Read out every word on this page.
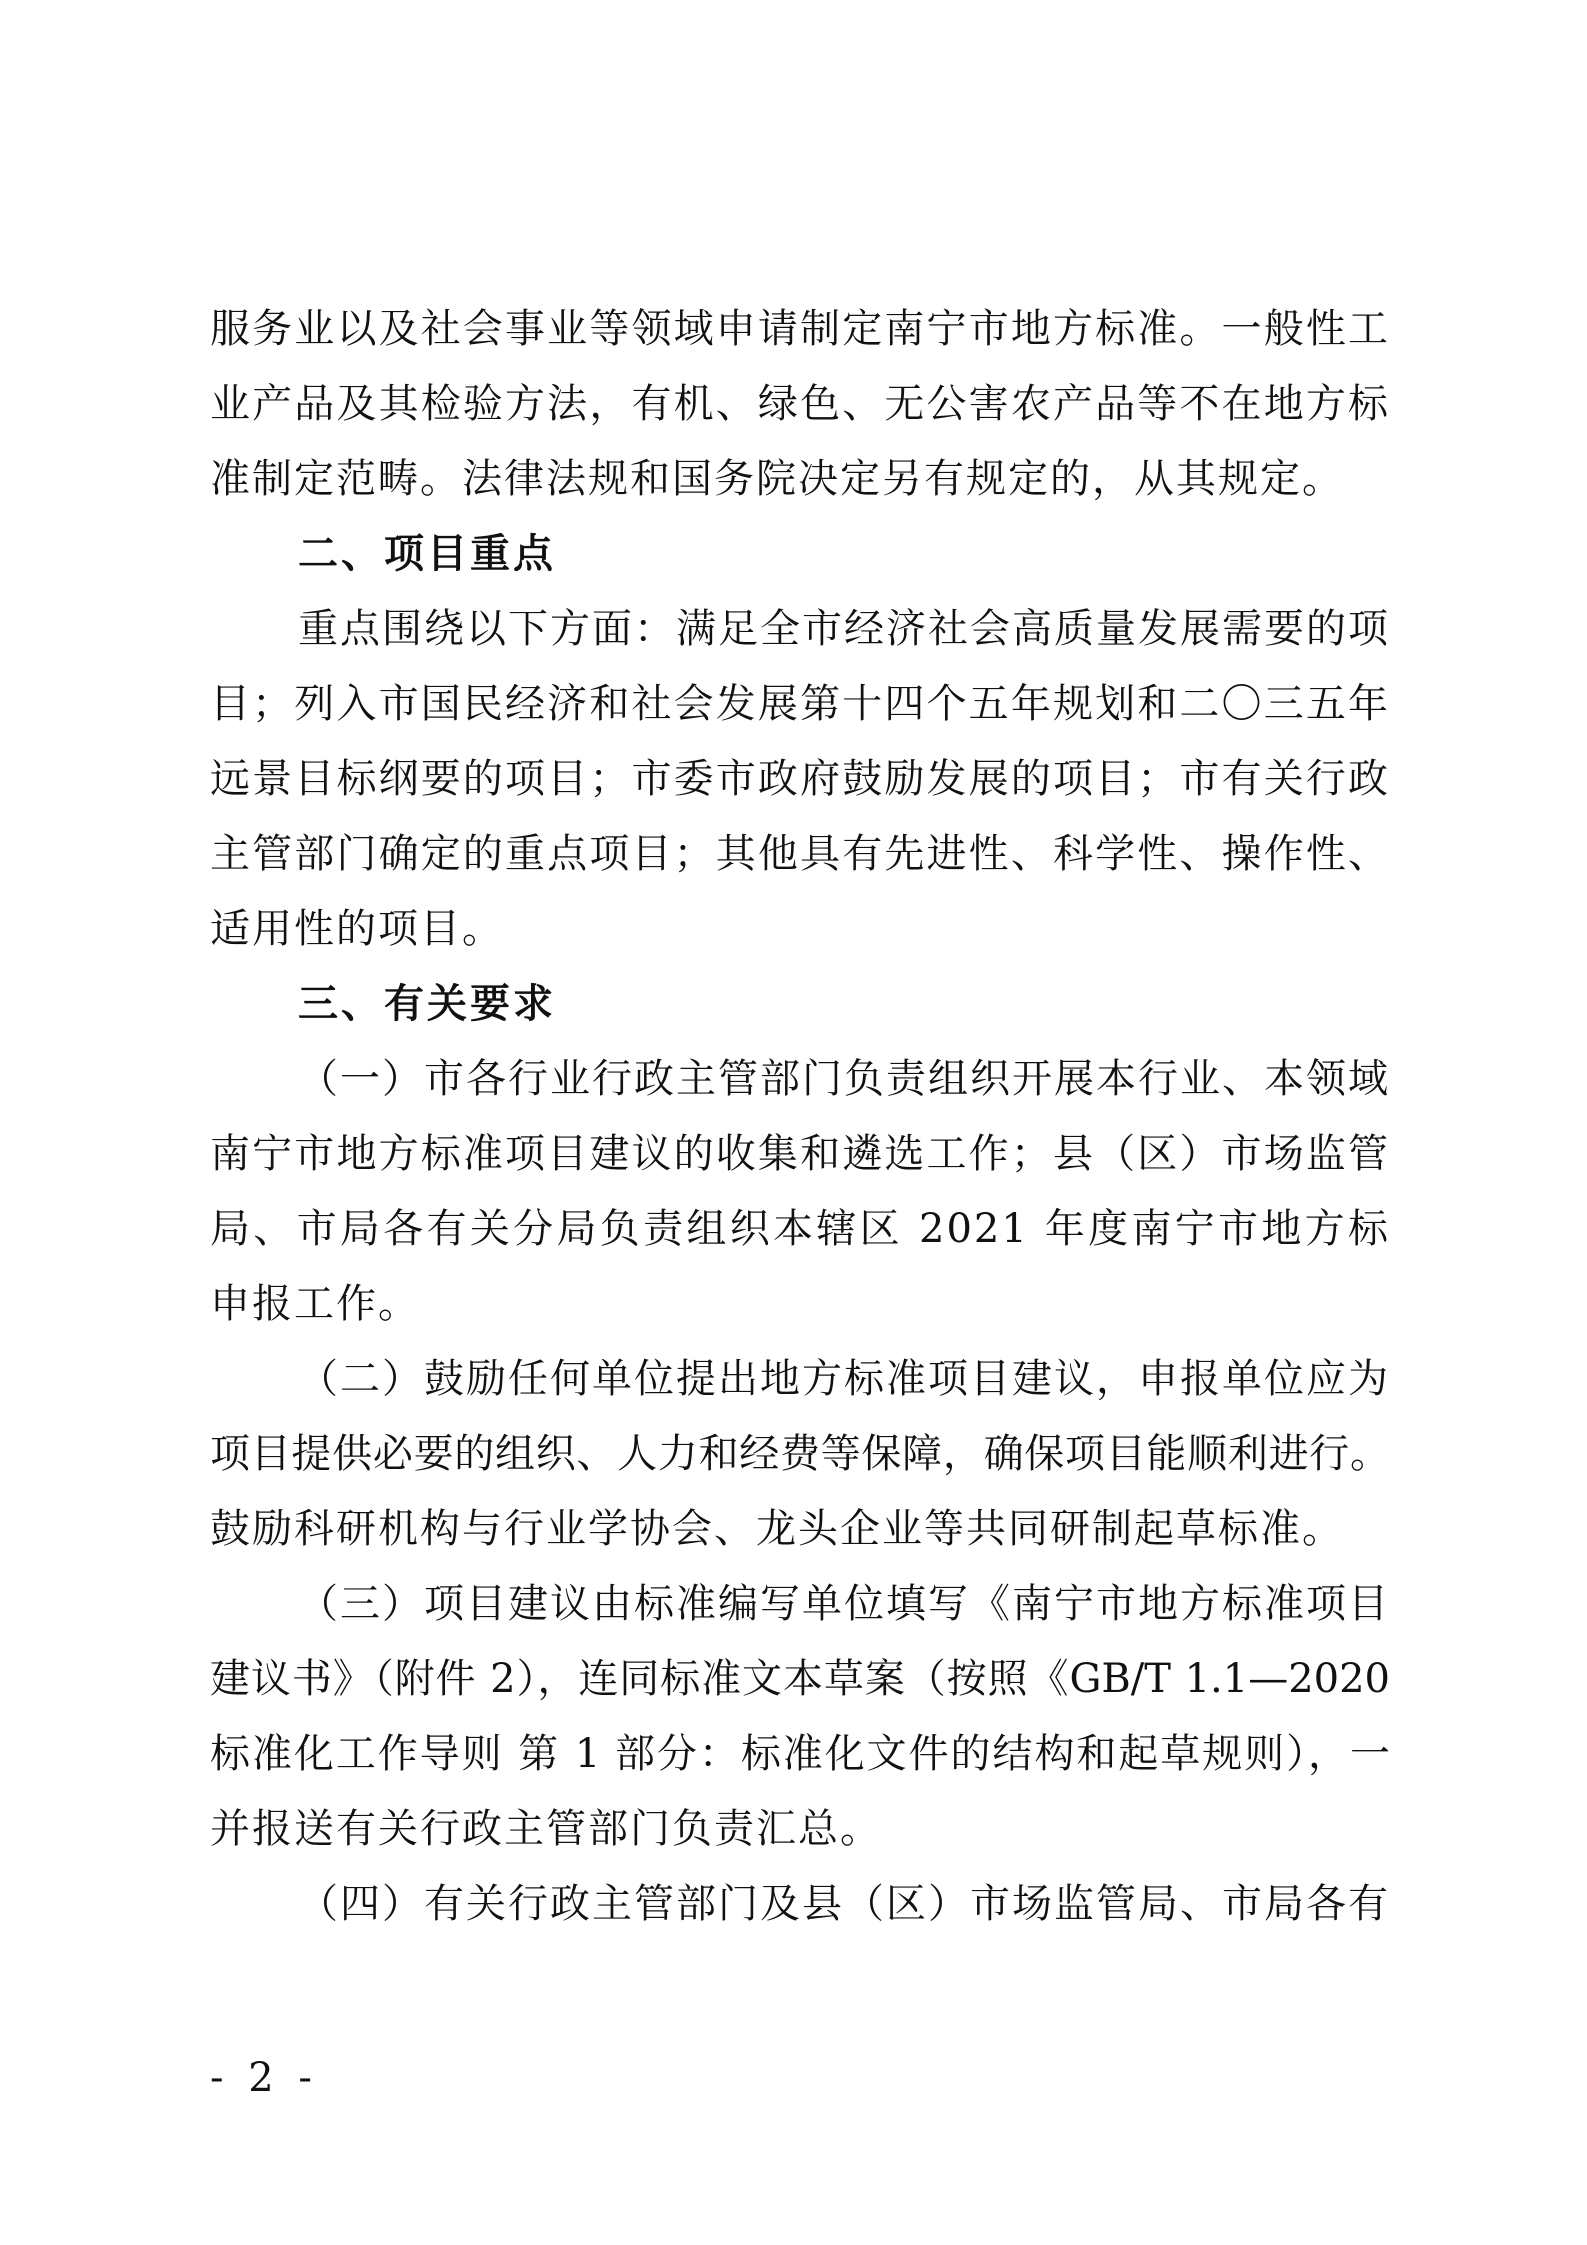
服务业以及社会事业等领域申请制定南宁市地方标准。一般性工
业产品及其检验方法，有机、绿色、无公害农产品等不在地方标
准制定范畴。法律法规和国务院决定另有规定的，从其规定。
二、项目重点
重点围绕以下方面：满足全市经济社会高质量发展需要的项
目；列入市国民经济和社会发展第十四个五年规划和二〇三五年
远景目标纲要的项目；市委市政府鼓励发展的项目；市有关行政
主管部门确定的重点项目；其他具有先进性、科学性、操作性、
适用性的项目。
三、有关要求
（一）市各行业行政主管部门负责组织开展本行业、本领域
南宁市地方标准项目建议的收集和遴选工作；县（区）市场监管
局、市局各有关分局负责组织本辖区 2021 年度南宁市地方标
申报工作。
（二）鼓励任何单位提出地方标准项目建议，申报单位应为
项目提供必要的组织、人力和经费等保障，确保项目能顺利进行。
鼓励科研机构与行业学协会、龙头企业等共同研制起草标准。
（三）项目建议由标准编写单位填写《南宁市地方标准项目
建议书》（附件 2），连同标准文本草案（按照《GB/T 1.1—2020
标准化工作导则 第 1 部分：标准化文件的结构和起草规则），一
并报送有关行政主管部门负责汇总。
（四）有关行政主管部门及县（区）市场监管局、市局各有
- 2 -
